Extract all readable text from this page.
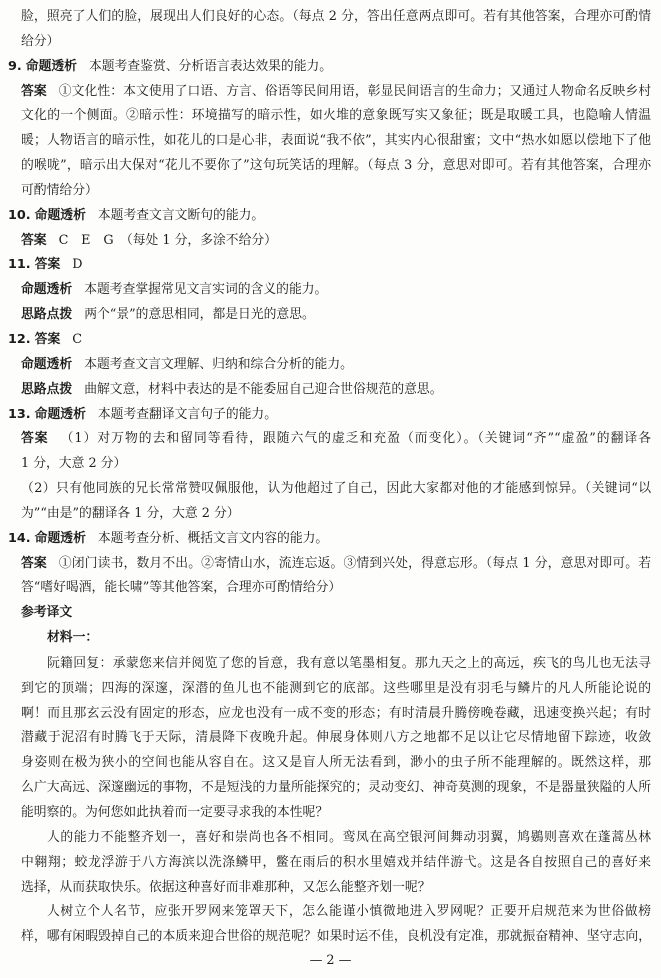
脸，照亮了人们的脸，展现出人们良好的心态。（每点 2 分，答出任意两点即可。若有其他答案，合理亦可酌情
给分）
9. 命题透析 本题考查鉴赏、分析语言表达效果的能力。
答案 ①文化性：本文使用了口语、方言、俗语等民间用语，彰显民间语言的生命力；又通过人物命名反映乡村
文化的一个侧面。②暗示性：环境描写的暗示性，如火堆的意象既写实又象征；既是取暖工具，也隐喻人情温
暖；人物语言的暗示性，如花儿的口是心非，表面说“我不依”，其实内心很甜蜜；文中“热水如愿以偿地下了他
的喉咙”，暗示出大保对“花儿不要你了”这句玩笑话的理解。（每点 3 分，意思对即可。若有其他答案，合理亦
可酌情给分）
10. 命题透析 本题考查文言文断句的能力。
答案 C　E　G　（每处 1 分，多涂不给分）
11. 答案 D
命题透析 本题考查掌握常见文言实词的含义的能力。
思路点拨 两个“景”的意思相同，都是日光的意思。
12. 答案 C
命题透析 本题考查文言文理解、归纳和综合分析的能力。
思路点拨 曲解文意，材料中表达的是不能委屈自己迎合世俗规范的意思。
13. 命题透析 本题考查翻译文言句子的能力。
答案 （1）对万物的去和留同等看待，跟随六气的虚乏和充盈（而变化）。（关键词“齐”“虚盈”的翻译各
1 分，大意 2 分）
（2）只有他同族的兄长常常赞叹佩服他，认为他超过了自己，因此大家都对他的才能感到惊异。（关键词“以
为”“由是”的翻译各 1 分，大意 2 分）
14. 命题透析 本题考查分析、概括文言文内容的能力。
答案 ①闭门读书，数月不出。②寄情山水，流连忘返。③情到兴处，得意忘形。（每点 1 分，意思对即可。若
答“嗜好喝酒，能长啸”等其他答案，合理亦可酌情给分）
参考译文
材料一：
阮籍回复：承蒙您来信并阅览了您的旨意，我有意以笔墨相复。那九天之上的高远，疾飞的鸟儿也无法寻
到它的顶端；四海的深邃，深潜的鱼儿也不能测到它的底部。这些哪里是没有羽毛与鳞片的凡人所能论说的
啊！而且那玄云没有固定的形态，应龙也没有一成不变的形态；有时清晨升腾傍晚卷藏，迅速变换兴起；有时
潜藏于泥沼有时腾飞于天际，清晨降下夜晚升起。伸展身体则八方之地都不足以让它尽情地留下踪迹，收敛
身姿则在极为狭小的空间也能从容自在。这又是盲人所无法看到，渺小的虫子所不能理解的。既然这样，那
么广大高远、深邃幽远的事物，不是短浅的力量所能探究的；灵动变幻、神奇莫测的现象，不是器量狭隘的人所
能明察的。为何您如此执着而一定要寻求我的本性呢？
人的能力不能整齐划一，喜好和崇尚也各不相同。鸾凤在高空银河间舞动羽翼，鸠鷃则喜欢在蓬蒿丛林
中翱翔；蛟龙浮游于八方海滨以洗涤鳞甲，鳖在雨后的积水里嬉戏并结伴游弋。这是各自按照自己的喜好来
选择，从而获取快乐。依据这种喜好而非难那种，又怎么能整齐划一呢？
人树立个人名节，应张开罗网来笼罩天下，怎么能谨小慎微地进入罗网呢？正要开启规范来为世俗做榜
样，哪有闲暇毁掉自己的本质来迎合世俗的规范呢？如果时运不佳，良机没有定准，那就振奋精神、坚守志向，
— 2 —
